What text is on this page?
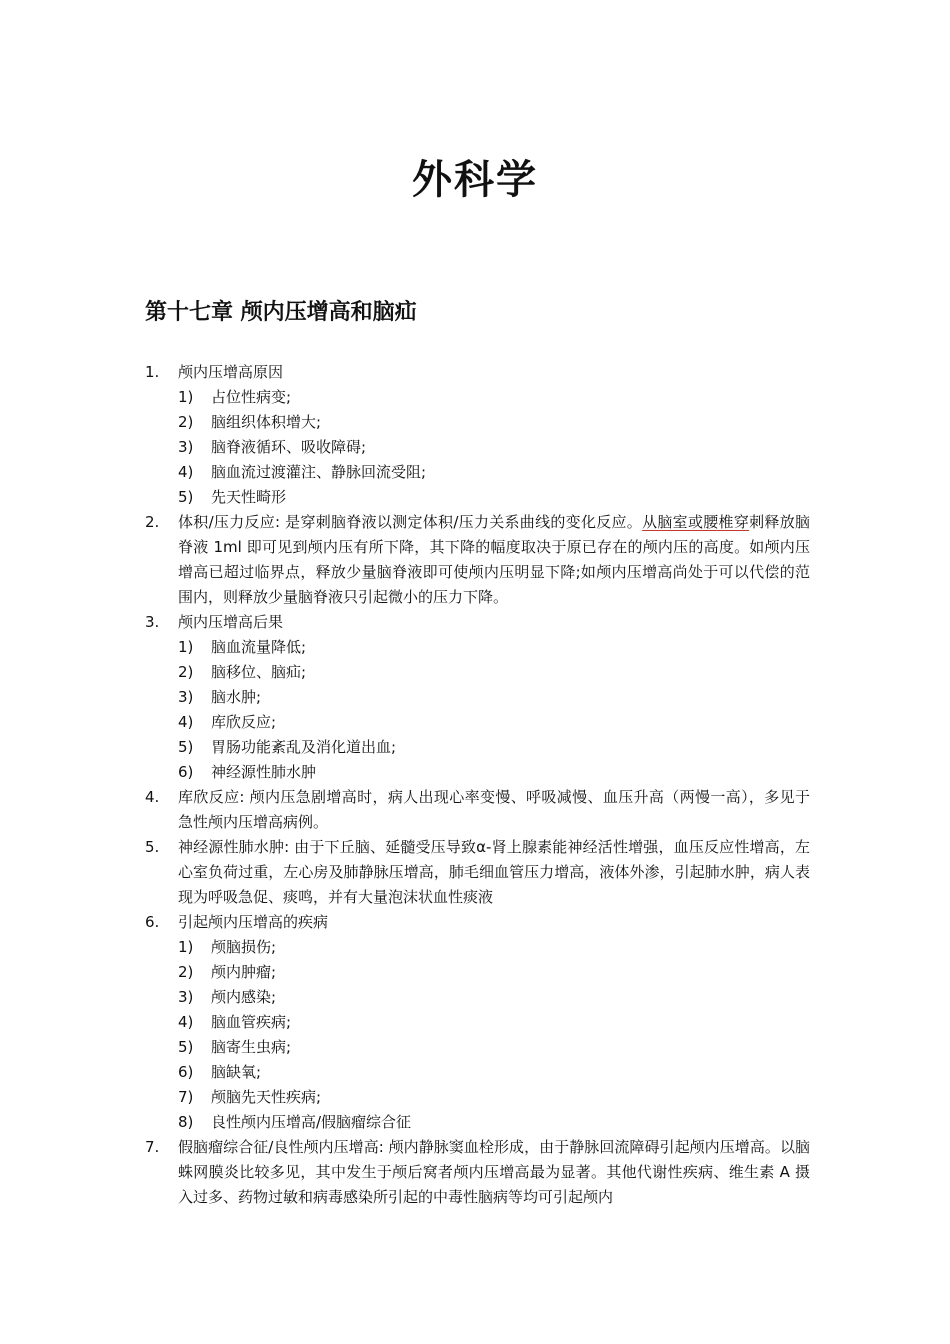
外科学
第十七章 颅内压增高和脑疝
1. 颅内压增高原因
1) 占位性病变;
2) 脑组织体积增大;
3) 脑脊液循环、吸收障碍;
4) 脑血流过渡灌注、静脉回流受阻;
5) 先天性畸形
2. 体积/压力反应: 是穿刺脑脊液以测定体积/压力关系曲线的变化反应。从脑室或腰椎穿刺释放脑脊液 1ml 即可见到颅内压有所下降，其下降的幅度取决于原已存在的颅内压的高度。如颅内压增高已超过临界点，释放少量脑脊液即可使颅内压明显下降;如颅内压增高尚处于可以代偿的范围内，则释放少量脑脊液只引起微小的压力下降。
3. 颅内压增高后果
1) 脑血流量降低;
2) 脑移位、脑疝;
3) 脑水肿;
4) 库欣反应;
5) 胃肠功能紊乱及消化道出血;
6) 神经源性肺水肿
4. 库欣反应: 颅内压急剧增高时，病人出现心率变慢、呼吸减慢、血压升高（两慢一高），多见于急性颅内压增高病例。
5. 神经源性肺水肿: 由于下丘脑、延髓受压导致α-肾上腺素能神经活性增强，血压反应性增高，左心室负荷过重，左心房及肺静脉压增高，肺毛细血管压力增高，液体外渗，引起肺水肿，病人表现为呼吸急促、痰鸣，并有大量泡沫状血性痰液
6. 引起颅内压增高的疾病
1) 颅脑损伤;
2) 颅内肿瘤;
3) 颅内感染;
4) 脑血管疾病;
5) 脑寄生虫病;
6) 脑缺氧;
7) 颅脑先天性疾病;
8) 良性颅内压增高/假脑瘤综合征
7. 假脑瘤综合征/良性颅内压增高: 颅内静脉窦血栓形成，由于静脉回流障碍引起颅内压增高。以脑蛛网膜炎比较多见，其中发生于颅后窝者颅内压增高最为显著。其他代谢性疾病、维生素 A 摄入过多、药物过敏和病毒感染所引起的中毒性脑病等均可引起颅内
